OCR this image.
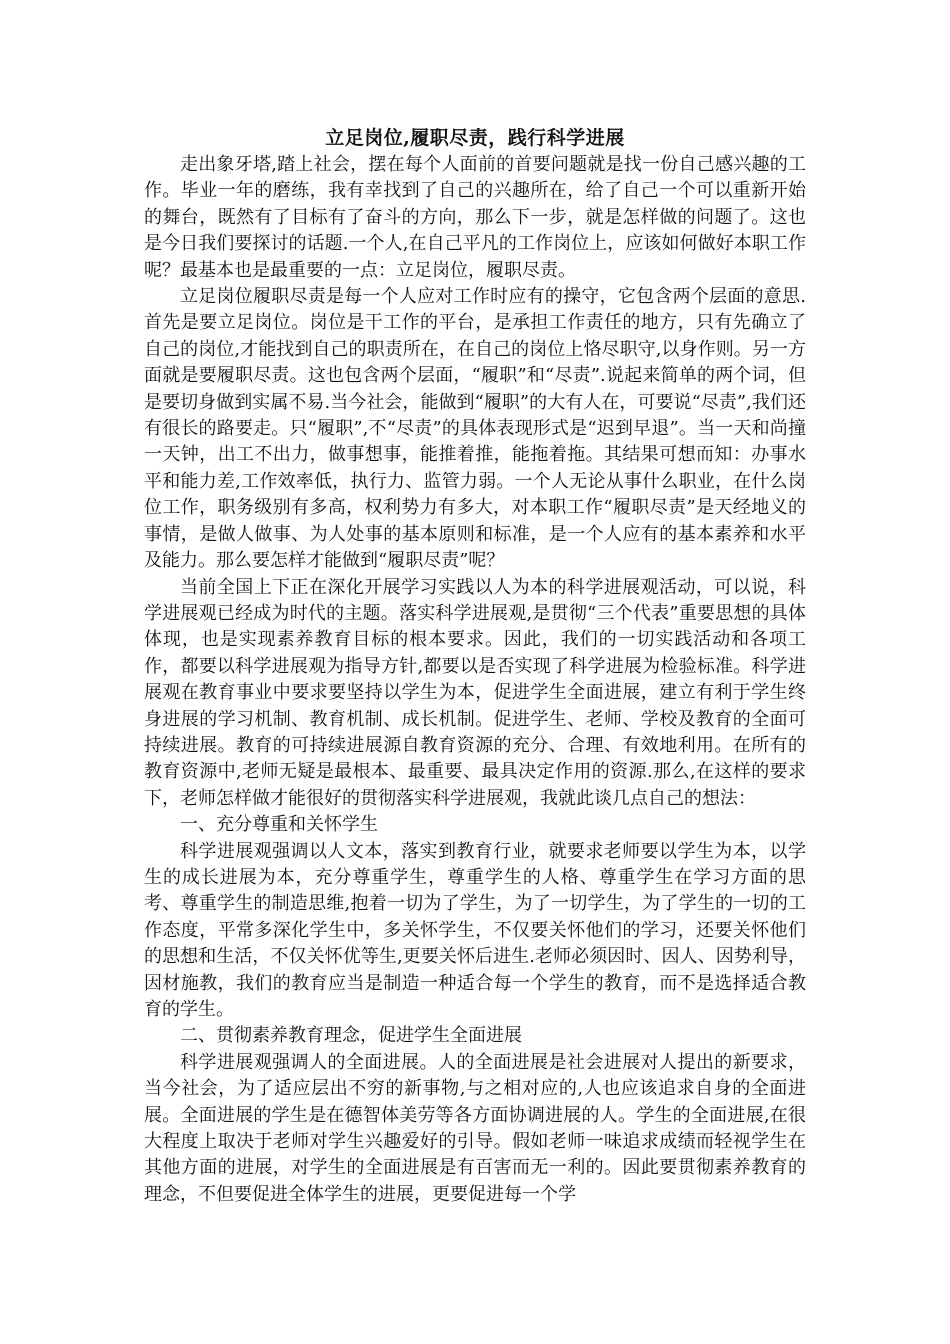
立足岗位,履职尽责，践行科学进展

走出象牙塔,踏上社会，摆在每个人面前的首要问题就是找一份自己感兴趣的工作。毕业一年的磨练，我有幸找到了自己的兴趣所在，给了自己一个可以重新开始的舞台，既然有了目标有了奋斗的方向，那么下一步，就是怎样做的问题了。这也是今日我们要探讨的话题.一个人,在自己平凡的工作岗位上，应该如何做好本职工作呢？最基本也是最重要的一点：立足岗位，履职尽责。

立足岗位履职尽责是每一个人应对工作时应有的操守，它包含两个层面的意思.首先是要立足岗位。岗位是干工作的平台，是承担工作责任的地方，只有先确立了自己的岗位,才能找到自己的职责所在，在自己的岗位上恪尽职守,以身作则。另一方面就是要履职尽责。这也包含两个层面，“履职”和“尽责”.说起来简单的两个词，但是要切身做到实属不易.当今社会，能做到“履职”的大有人在，可要说“尽责”,我们还有很长的路要走。只“履职”,不“尽责”的具体表现形式是“迟到早退”。当一天和尚撞一天钟，出工不出力，做事想事，能推着推，能拖着拖。其结果可想而知：办事水平和能力差,工作效率低，执行力、监管力弱。一个人无论从事什么职业，在什么岗位工作，职务级别有多高，权利势力有多大，对本职工作“履职尽责”是天经地义的事情，是做人做事、为人处事的基本原则和标准，是一个人应有的基本素养和水平及能力。那么要怎样才能做到“履职尽责”呢？

当前全国上下正在深化开展学习实践以人为本的科学进展观活动，可以说，科学进展观已经成为时代的主题。落实科学进展观,是贯彻“三个代表”重要思想的具体体现，也是实现素养教育目标的根本要求。因此，我们的一切实践活动和各项工作，都要以科学进展观为指导方针,都要以是否实现了科学进展为检验标准。科学进展观在教育事业中要求要坚持以学生为本，促进学生全面进展，建立有利于学生终身进展的学习机制、教育机制、成长机制。促进学生、老师、学校及教育的全面可持续进展。教育的可持续进展源自教育资源的充分、合理、有效地利用。在所有的教育资源中,老师无疑是最根本、最重要、最具决定作用的资源.那么,在这样的要求下，老师怎样做才能很好的贯彻落实科学进展观，我就此谈几点自己的想法：

一、充分尊重和关怀学生

科学进展观强调以人文本，落实到教育行业，就要求老师要以学生为本，以学生的成长进展为本，充分尊重学生，尊重学生的人格、尊重学生在学习方面的思考、尊重学生的制造思维,抱着一切为了学生，为了一切学生，为了学生的一切的工作态度，平常多深化学生中，多关怀学生，不仅要关怀他们的学习，还要关怀他们的思想和生活，不仅关怀优等生,更要关怀后进生.老师必须因时、因人、因势利导，因材施教，我们的教育应当是制造一种适合每一个学生的教育，而不是选择适合教育的学生。

二、贯彻素养教育理念，促进学生全面进展

科学进展观强调人的全面进展。人的全面进展是社会进展对人提出的新要求，当今社会，为了适应层出不穷的新事物,与之相对应的,人也应该追求自身的全面进展。全面进展的学生是在德智体美劳等各方面协调进展的人。学生的全面进展,在很大程度上取决于老师对学生兴趣爱好的引导。假如老师一味追求成绩而轻视学生在其他方面的进展，对学生的全面进展是有百害而无一利的。因此要贯彻素养教育的理念，不但要促进全体学生的进展，更要促进每一个学
